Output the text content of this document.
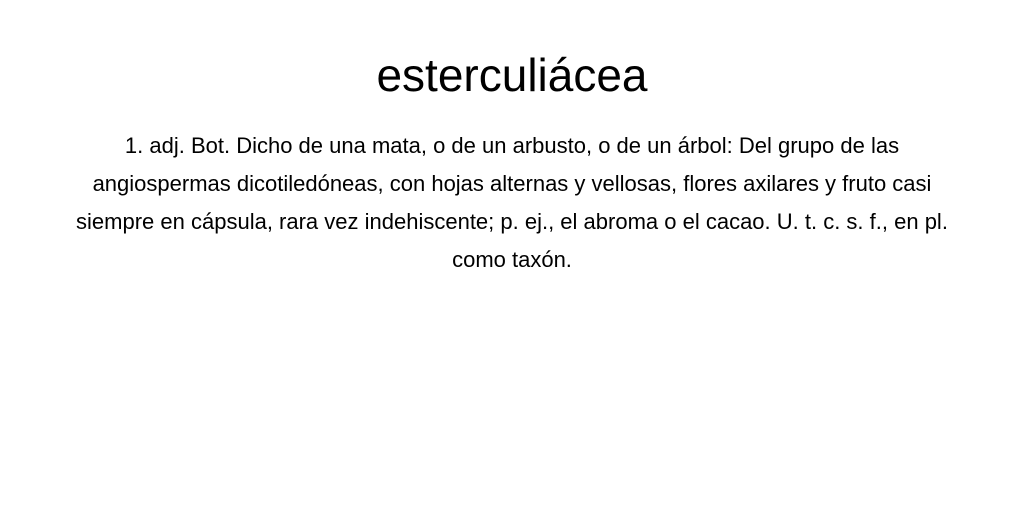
esterculiácea

1. adj. Bot. Dicho de una mata, o de un arbusto, o de un árbol: Del grupo de las angiospermas dicotiledóneas, con hojas alternas y vellosas, flores axilares y fruto casi siempre en cápsula, rara vez indehiscente; p. ej., el abroma o el cacao. U. t. c. s. f., en pl. como taxón.
